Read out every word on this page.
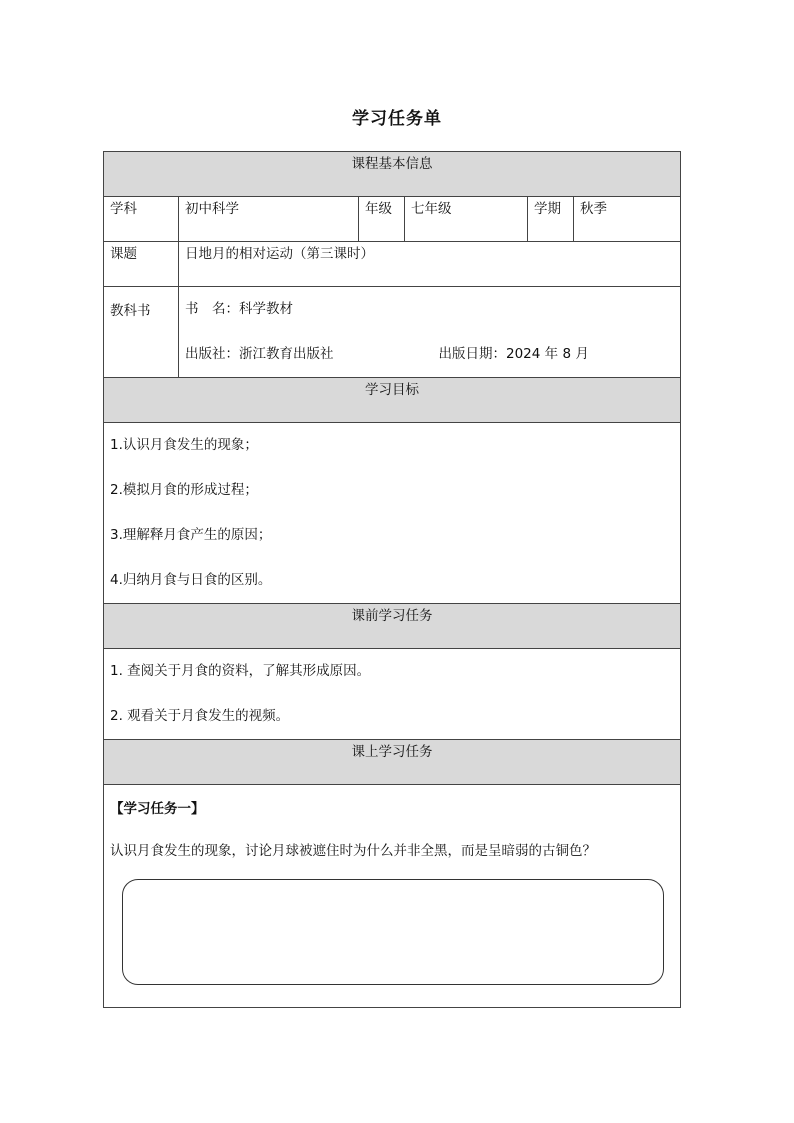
学习任务单
课程基本信息					
学科	初中科学	年级	七年级	学期	秋季
课题	日地月的相对运动（第三课时）				
教科书	书　名：科学教材
出版社：浙江教育出版社 出版日期：2024 年 8 月				

学习目标					

1.认识月食发生的现象；
2.模拟月食的形成过程；
3.理解释月食产生的原因；
4.归纳月食与日食的区别。					

课前学习任务					

1. 查阅关于月食的资料，了解其形成原因。
2. 观看关于月食发生的视频。					

课上学习任务					

【学习任务一】
认识月食发生的现象，讨论月球被遮住时为什么并非全黑，而是呈暗弱的古铜色？					
